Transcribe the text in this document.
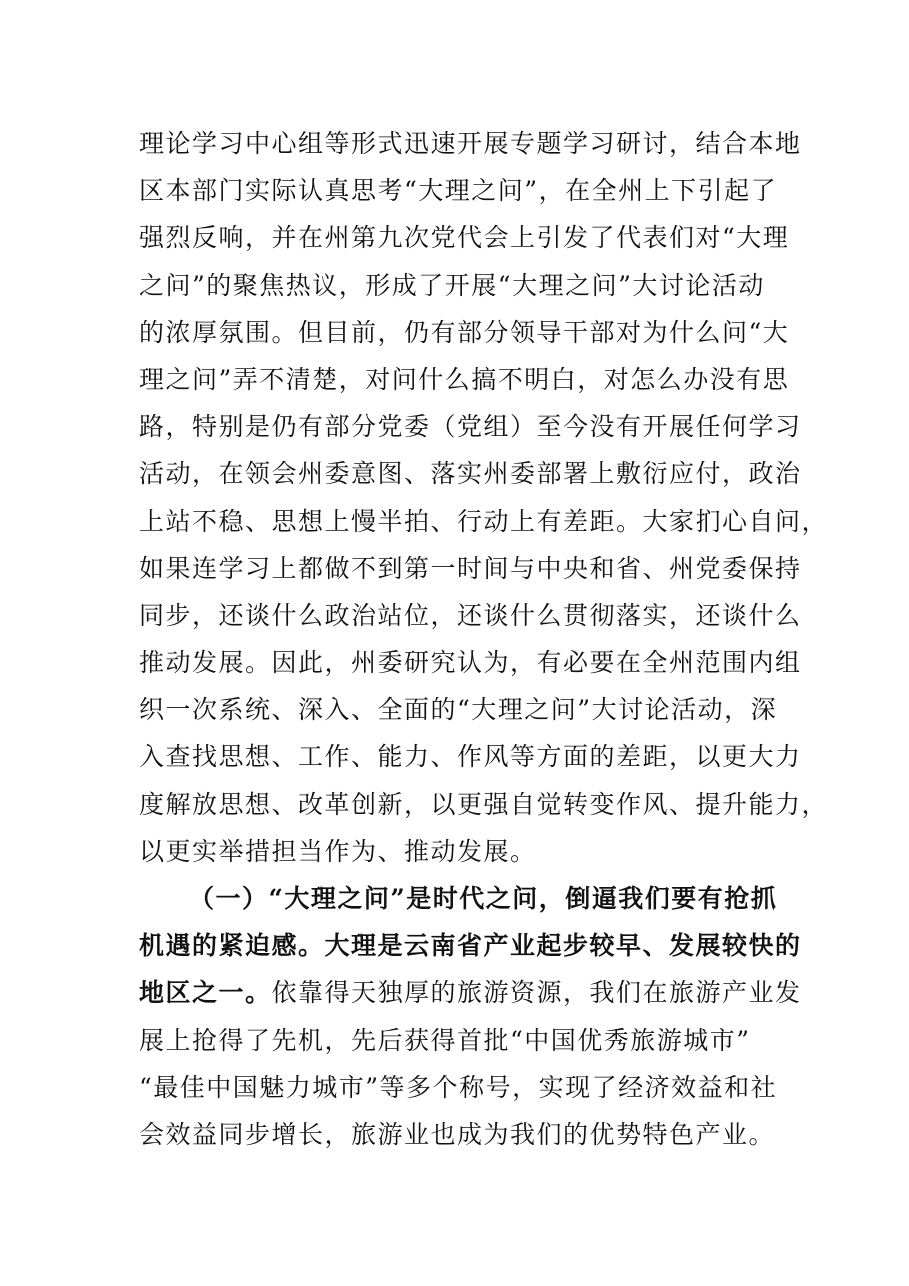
理论学习中心组等形式迅速开展专题学习研讨，结合本地
区本部门实际认真思考“大理之问”，在全州上下引起了
强烈反响，并在州第九次党代会上引发了代表们对“大理
之问”的聚焦热议，形成了开展“大理之问”大讨论活动
的浓厚氛围。但目前，仍有部分领导干部对为什么问“大
理之问”弄不清楚，对问什么搞不明白，对怎么办没有思
路，特别是仍有部分党委（党组）至今没有开展任何学习
活动，在领会州委意图、落实州委部署上敷衍应付，政治
上站不稳、思想上慢半拍、行动上有差距。大家扪心自问，
如果连学习上都做不到第一时间与中央和省、州党委保持
同步，还谈什么政治站位，还谈什么贯彻落实，还谈什么
推动发展。因此，州委研究认为，有必要在全州范围内组
织一次系统、深入、全面的“大理之问”大讨论活动，深
入查找思想、工作、能力、作风等方面的差距，以更大力
度解放思想、改革创新，以更强自觉转变作风、提升能力，
以更实举措担当作为、推动发展。
（一）“大理之问”是时代之问，倒逼我们要有抢抓
机遇的紧迫感。大理是云南省产业起步较早、发展较快的
地区之一。依靠得天独厚的旅游资源，我们在旅游产业发
展上抢得了先机，先后获得首批“中国优秀旅游城市”
“最佳中国魅力城市”等多个称号，实现了经济效益和社
会效益同步增长，旅游业也成为我们的优势特色产业。
